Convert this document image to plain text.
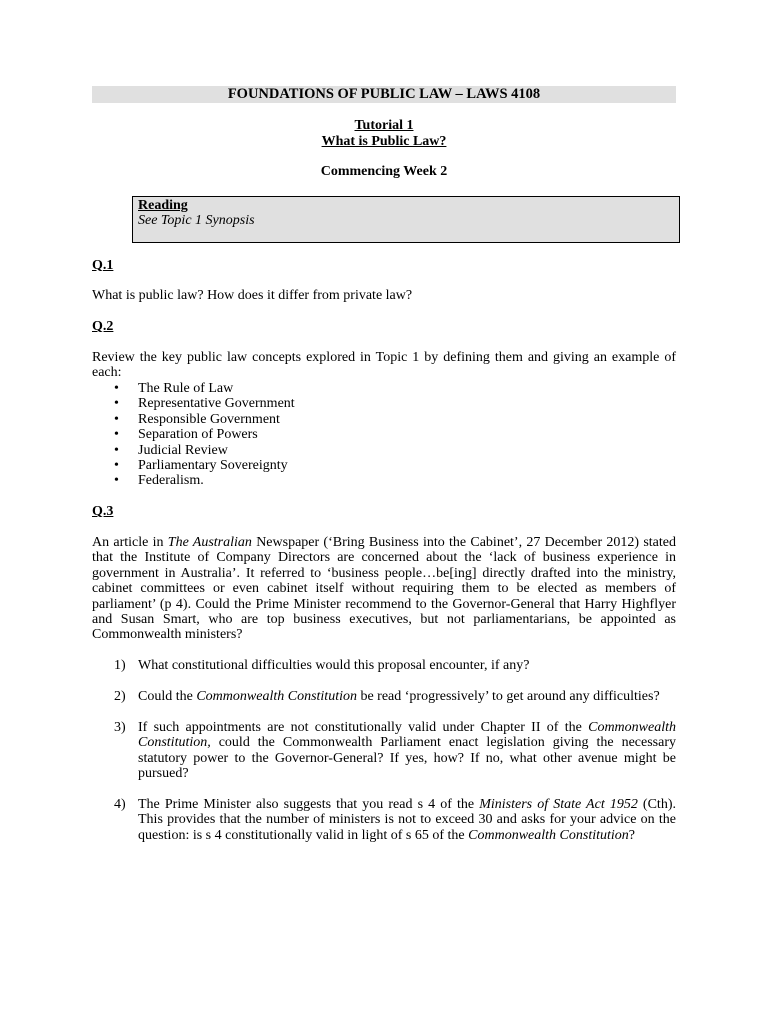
FOUNDATIONS OF PUBLIC LAW – LAWS 4108
Tutorial 1
What is Public Law?
Commencing Week 2
Reading
See Topic 1 Synopsis
Q.1

What is public law? How does it differ from private law?

Q.2

Review the key public law concepts explored in Topic 1 by defining them and giving an example of each:

• The Rule of Law
• Representative Government
• Responsible Government
• Separation of Powers
• Judicial Review
• Parliamentary Sovereignty
• Federalism.
Q.3

An article in The Australian Newspaper (‘Bring Business into the Cabinet’, 27 December 2012) stated that the Institute of Company Directors are concerned about the ‘lack of business experience in government in Australia’. It referred to ‘business people…be[ing] directly drafted into the ministry, cabinet committees or even cabinet itself without requiring them to be elected as members of parliament’ (p 4). Could the Prime Minister recommend to the Governor-General that Harry Highflyer and Susan Smart, who are top business executives, but not parliamentarians, be appointed as Commonwealth ministers?

1) What constitutional difficulties would this proposal encounter, if any?
2) Could the Commonwealth Constitution be read ‘progressively’ to get around any difficulties?
3) If such appointments are not constitutionally valid under Chapter II of the Commonwealth Constitution, could the Commonwealth Parliament enact legislation giving the necessary statutory power to the Governor-General? If yes, how? If no, what other avenue might be pursued?
4) The Prime Minister also suggests that you read s 4 of the Ministers of State Act 1952 (Cth). This provides that the number of ministers is not to exceed 30 and asks for your advice on the question: is s 4 constitutionally valid in light of s 65 of the Commonwealth Constitution?
